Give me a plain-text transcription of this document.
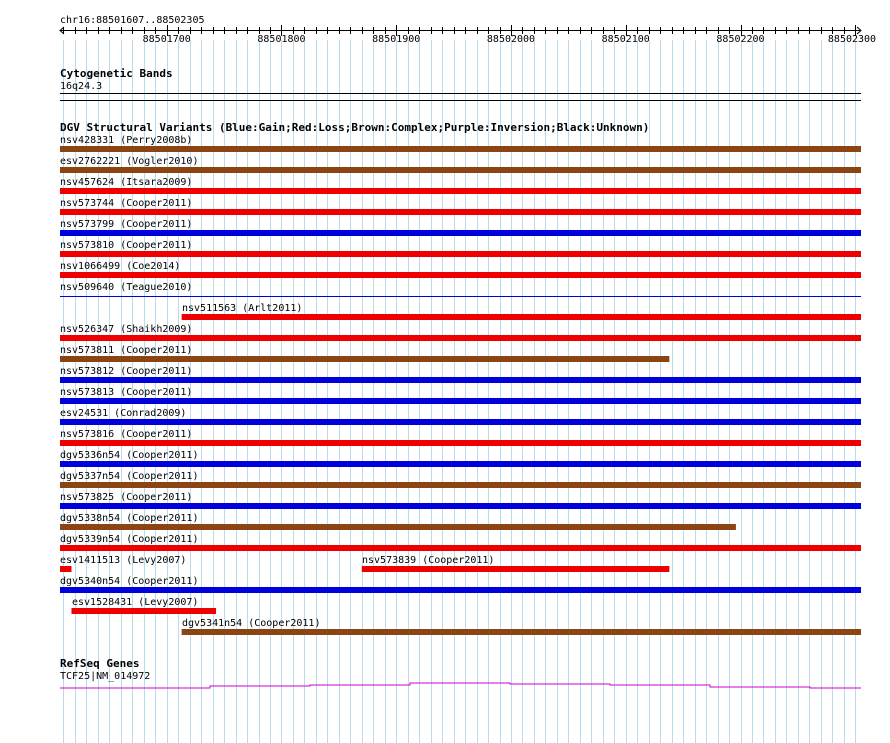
chr16:88501607..88502305
88501700	88501800	88501900	88502000	88502100	88502200	88502300
Cytogenetic Bands
16q24.3
DGV Structural Variants (Blue:Gain;Red:Loss;Brown:Complex;Purple:Inversion;Black:Unknown)
nsv428331 (Perry2008b)
esv2762221 (Vogler2010)
nsv457624 (Itsara2009)
nsv573744 (Cooper2011)
nsv573799 (Cooper2011)
nsv573810 (Cooper2011)
nsv1066499 (Coe2014)
nsv509640 (Teague2010)
nsv511563 (Arlt2011)
nsv526347 (Shaikh2009)
nsv573811 (Cooper2011)
nsv573812 (Cooper2011)
nsv573813 (Cooper2011)
esv24531 (Conrad2009)
nsv573816 (Cooper2011)
dgv5336n54 (Cooper2011)
dgv5337n54 (Cooper2011)
nsv573825 (Cooper2011)
dgv5338n54 (Cooper2011)
dgv5339n54 (Cooper2011)
esv1411513 (Levy2007)	nsv573839 (Cooper2011)
dgv5340n54 (Cooper2011)
esv1528431 (Levy2007)
dgv5341n54 (Cooper2011)
RefSeq Genes
TCF25|NM_014972
